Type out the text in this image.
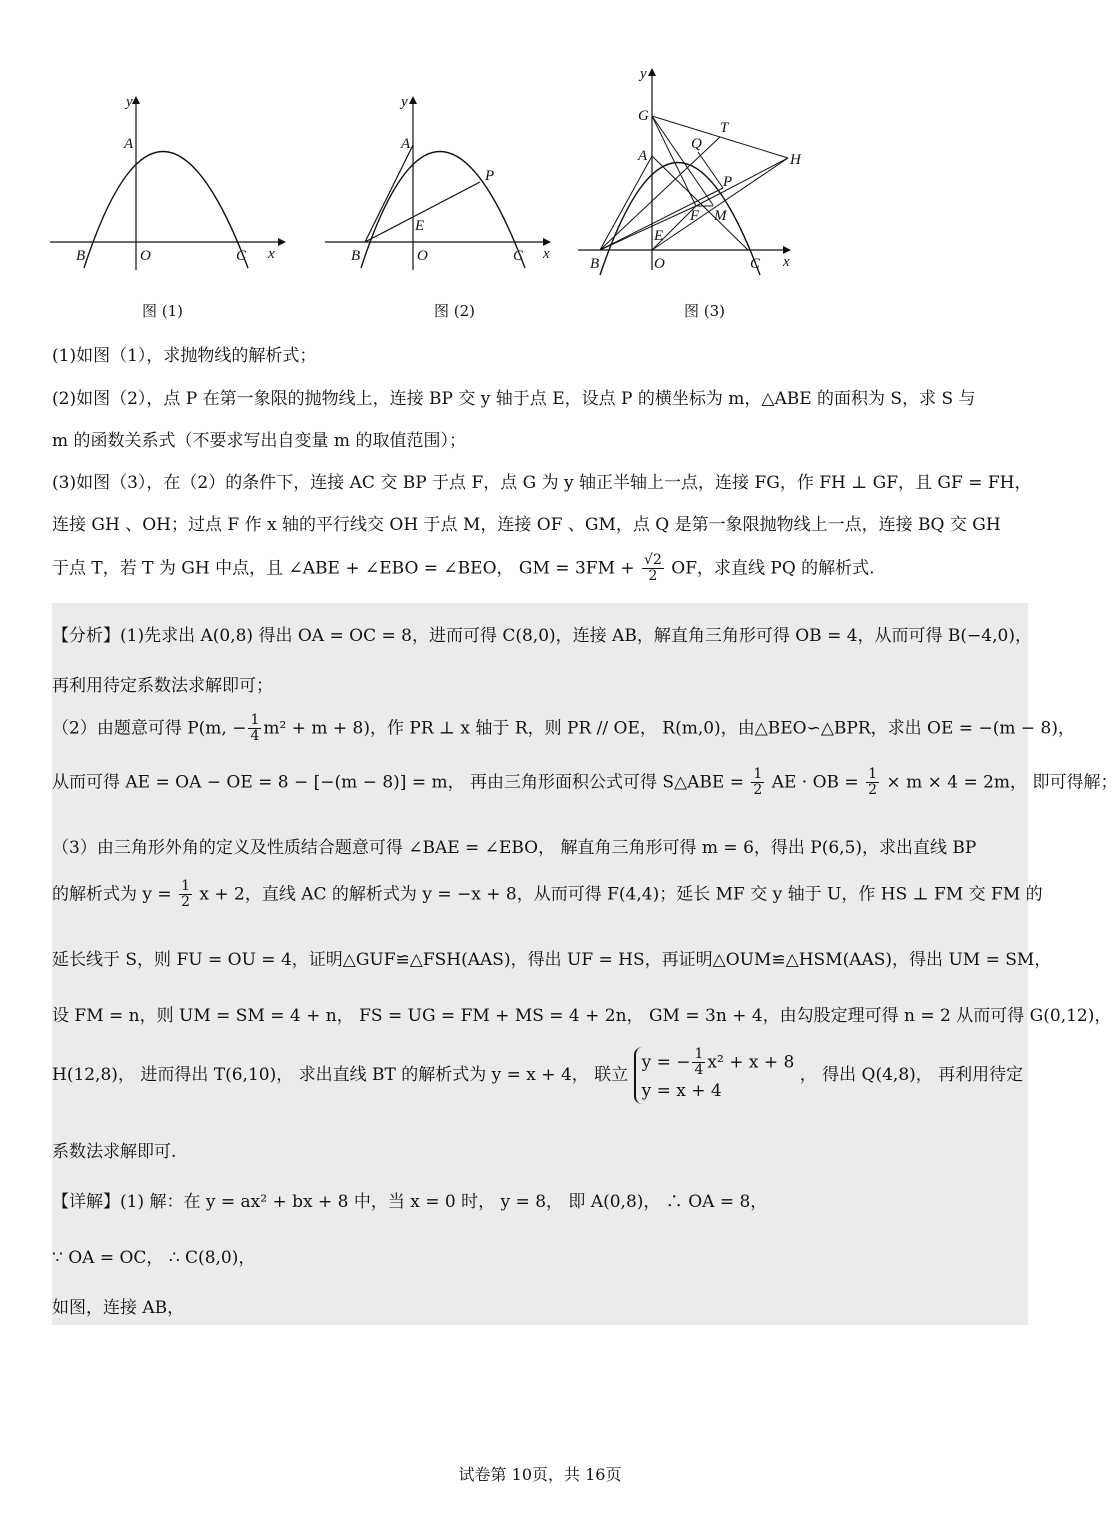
y
x
A
B	O	C
图 (1)
y
x
A
B	O	C
P
E
图 (2)
y
x
G
T
Q
H
A
P
F M
E
B	O	C
图 (3)
(1)如图（1），求抛物线的解析式；
(2)如图（2），点 P 在第一象限的抛物线上，连接 BP 交 y 轴于点 E，设点 P 的横坐标为 m，△ABE 的面积为 S，求 S 与
m 的函数关系式（不要求写出自变量 m 的取值范围）；
(3)如图（3），在（2）的条件下，连接 AC 交 BP 于点 F，点 G 为 y 轴正半轴上一点，连接 FG，作 FH ⊥ GF，且 GF = FH，
连接 GH 、OH；过点 F 作 x 轴的平行线交 OH 于点 M，连接 OF 、GM，点 Q 是第一象限抛物线上一点，连接 BQ 交 GH
于点 T，若 T 为 GH 中点，且 ∠ABE + ∠EBO = ∠BEO， GM = $3FM + \frac{√2}{2}$ OF，求直线 PQ 的解析式.
【分析】(1)先求出 A(0,8) 得出 OA = OC = 8，进而可得 C(8,0)，连接 AB，解直角三角形可得 OB = 4，从而可得 B(−4,0)，
再利用待定系数法求解即可；
（2）由题意可得 P(m, − $\frac{1}{4} m^2 + m + 8$)，作 PR ⊥ x 轴于 R，则 PR // OE， R(m,0)，由△BEO∽△BPR，求出 OE = −(m − 8)，
从而可得 AE = OA − OE = 8 − [−(m − 8)] = m， 再由三角形面积公式可得 S△ABE = $\frac{1}{2}$ AE · OB = $\frac{1}{2} \times m \times 4 = 2m$， 即可得解；
（3）由三角形外角的定义及性质结合题意可得 ∠BAE = ∠EBO， 解直角三角形可得 m = 6，得出 P(6,5)，求出直线 BP
的解析式为 $y = \frac{1}{2}$ x + 2，直线 AC 的解析式为 y = −x + 8，从而可得 F(4,4)；延长 MF 交 y 轴于 U，作 HS ⊥ FM 交 FM 的
延长线于 S，则 FU = OU = 4，证明△GUF≌△FSH(AAS)，得出 UF = HS，再证明△OUM≌△HSM(AAS)，得出 UM = SM，
设 FM = n，则 UM = SM = 4 + n， FS = UG = FM + MS = 4 + 2n， GM = 3n + 4，由勾股定理可得 n = 2 从而可得 G(0,12)，
H(12,8)， 进而得出 T(6,10)， 求出直线 BT 的解析式为 y = x + 4， 联立
y = − $\frac{1}{4} x^2 + x + 8$
y = x + 4
， 得出 Q(4,8)， 再利用待定
系数法求解即可.
【详解】(1) 解：在 y = ax² + bx + 8 中，当 x = 0 时， y = 8， 即 A(0,8)， ∴ OA = 8，
∵ OA = OC， ∴ C(8,0)，
如图，连接 AB，
试卷第 10页，共 16页
